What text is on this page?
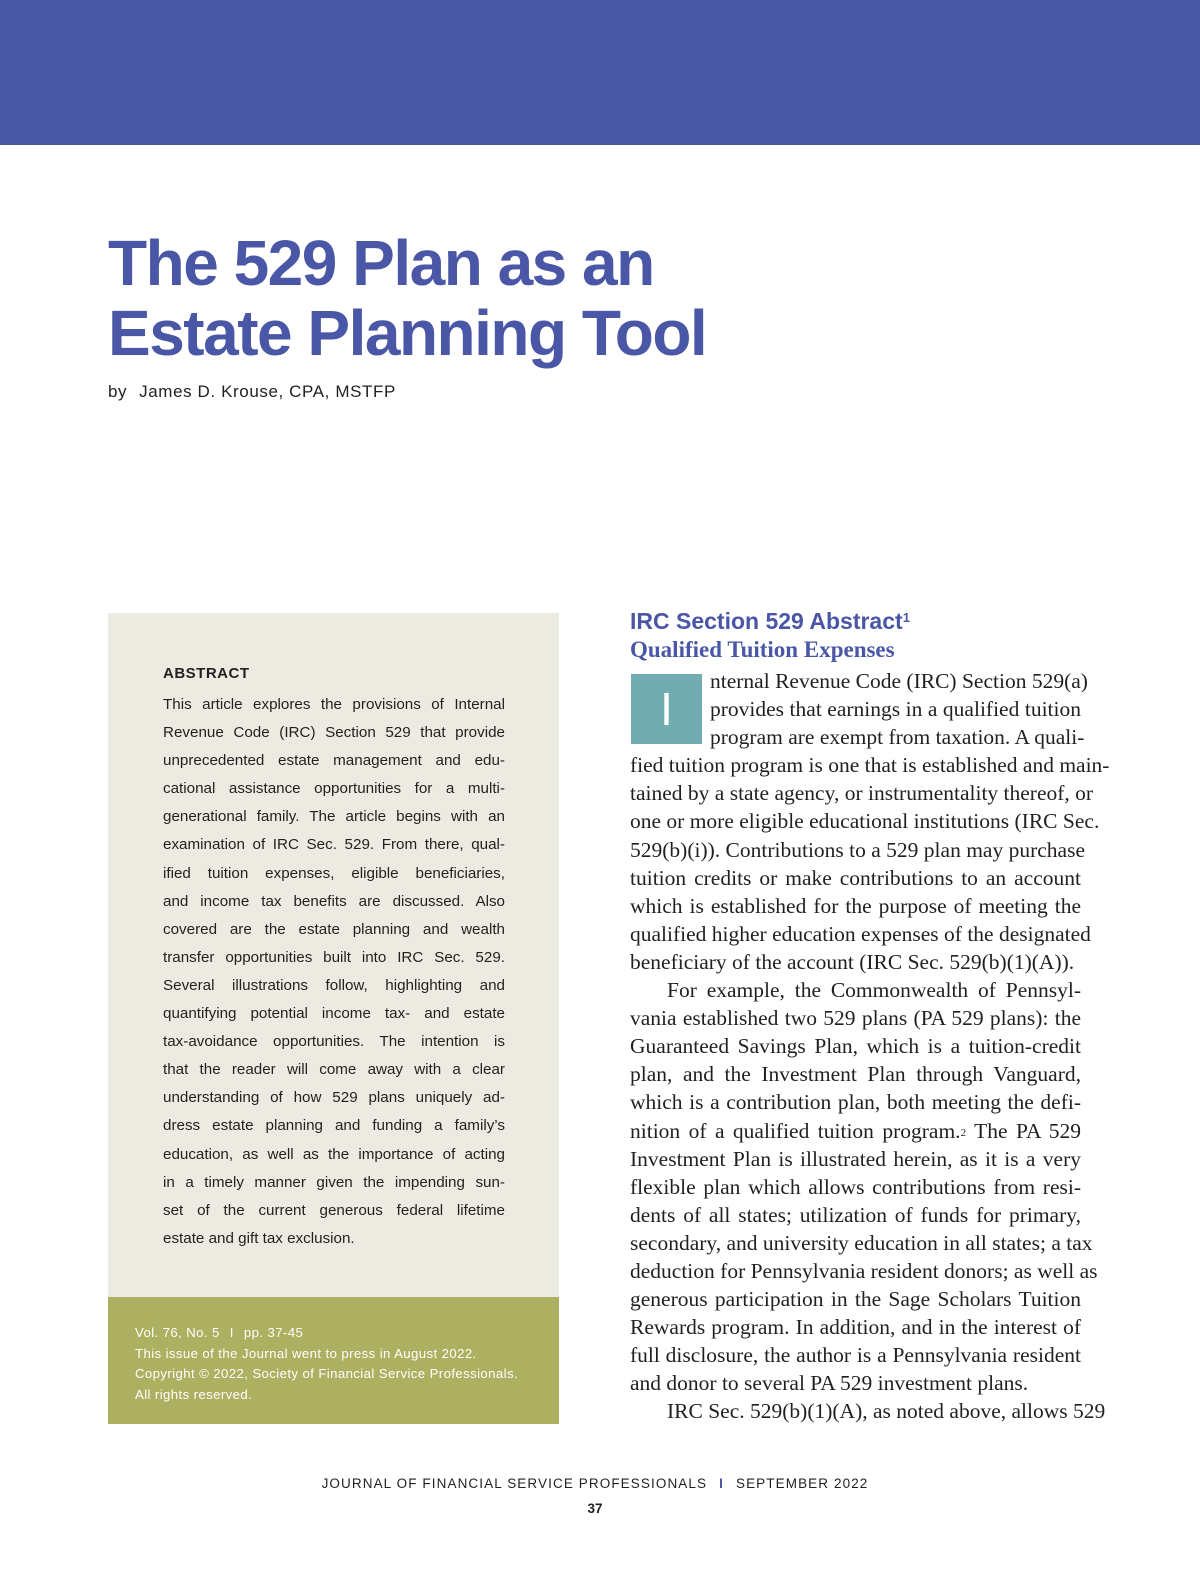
The 529 Plan as an
Estate Planning Tool
by James D. Krouse, CPA, MSTFP
ABSTRACT
This article explores the provisions of Internal
Revenue Code (IRC) Section 529 that provide
unprecedented estate management and edu-
cational assistance opportunities for a multi-
generational family. The article begins with an
examination of IRC Sec. 529. From there, qual-
ified tuition expenses, eligible beneficiaries,
and income tax benefits are discussed. Also
covered are the estate planning and wealth
transfer opportunities built into IRC Sec. 529.
Several illustrations follow, highlighting and
quantifying potential income tax- and estate
tax-avoidance opportunities. The intention is
that the reader will come away with a clear
understanding of how 529 plans uniquely ad-
dress estate planning and funding a family’s
education, as well as the importance of acting
in a timely manner given the impending sun-
set of the current generous federal lifetime
estate and gift tax exclusion.
Vol. 76, No. 5 I pp. 37-45
This issue of the Journal went to press in August 2022.
Copyright © 2022, Society of Financial Service Professionals.
All rights reserved.
IRC Section 529 Abstract$^1$
Qualified Tuition Expenses
I
nternal Revenue Code (IRC) Section 529(a)
provides that earnings in a qualified tuition
program are exempt from taxation. A quali-
fied tuition program is one that is established and main-
tained by a state agency, or instrumentality thereof, or
one or more eligible educational institutions (IRC Sec.
529(b)(i)). Contributions to a 529 plan may purchase
tuition credits or make contributions to an account
which is established for the purpose of meeting the
qualified higher education expenses of the designated
beneficiary of the account (IRC Sec. 529(b)(1)(A)).
For example, the Commonwealth of Pennsyl-
vania established two 529 plans (PA 529 plans): the
Guaranteed Savings Plan, which is a tuition-credit
plan, and the Investment Plan through Vanguard,
which is a contribution plan, both meeting the defi-
nition of a qualified tuition program.$^2$ The PA 529
Investment Plan is illustrated herein, as it is a very
flexible plan which allows contributions from resi-
dents of all states; utilization of funds for primary,
secondary, and university education in all states; a tax
deduction for Pennsylvania resident donors; as well as
generous participation in the Sage Scholars Tuition
Rewards program. In addition, and in the interest of
full disclosure, the author is a Pennsylvania resident
and donor to several PA 529 investment plans.
IRC Sec. 529(b)(1)(A), as noted above, allows 529
JOURNAL OF FINANCIAL SERVICE PROFESSIONALS I SEPTEMBER 2022
37
